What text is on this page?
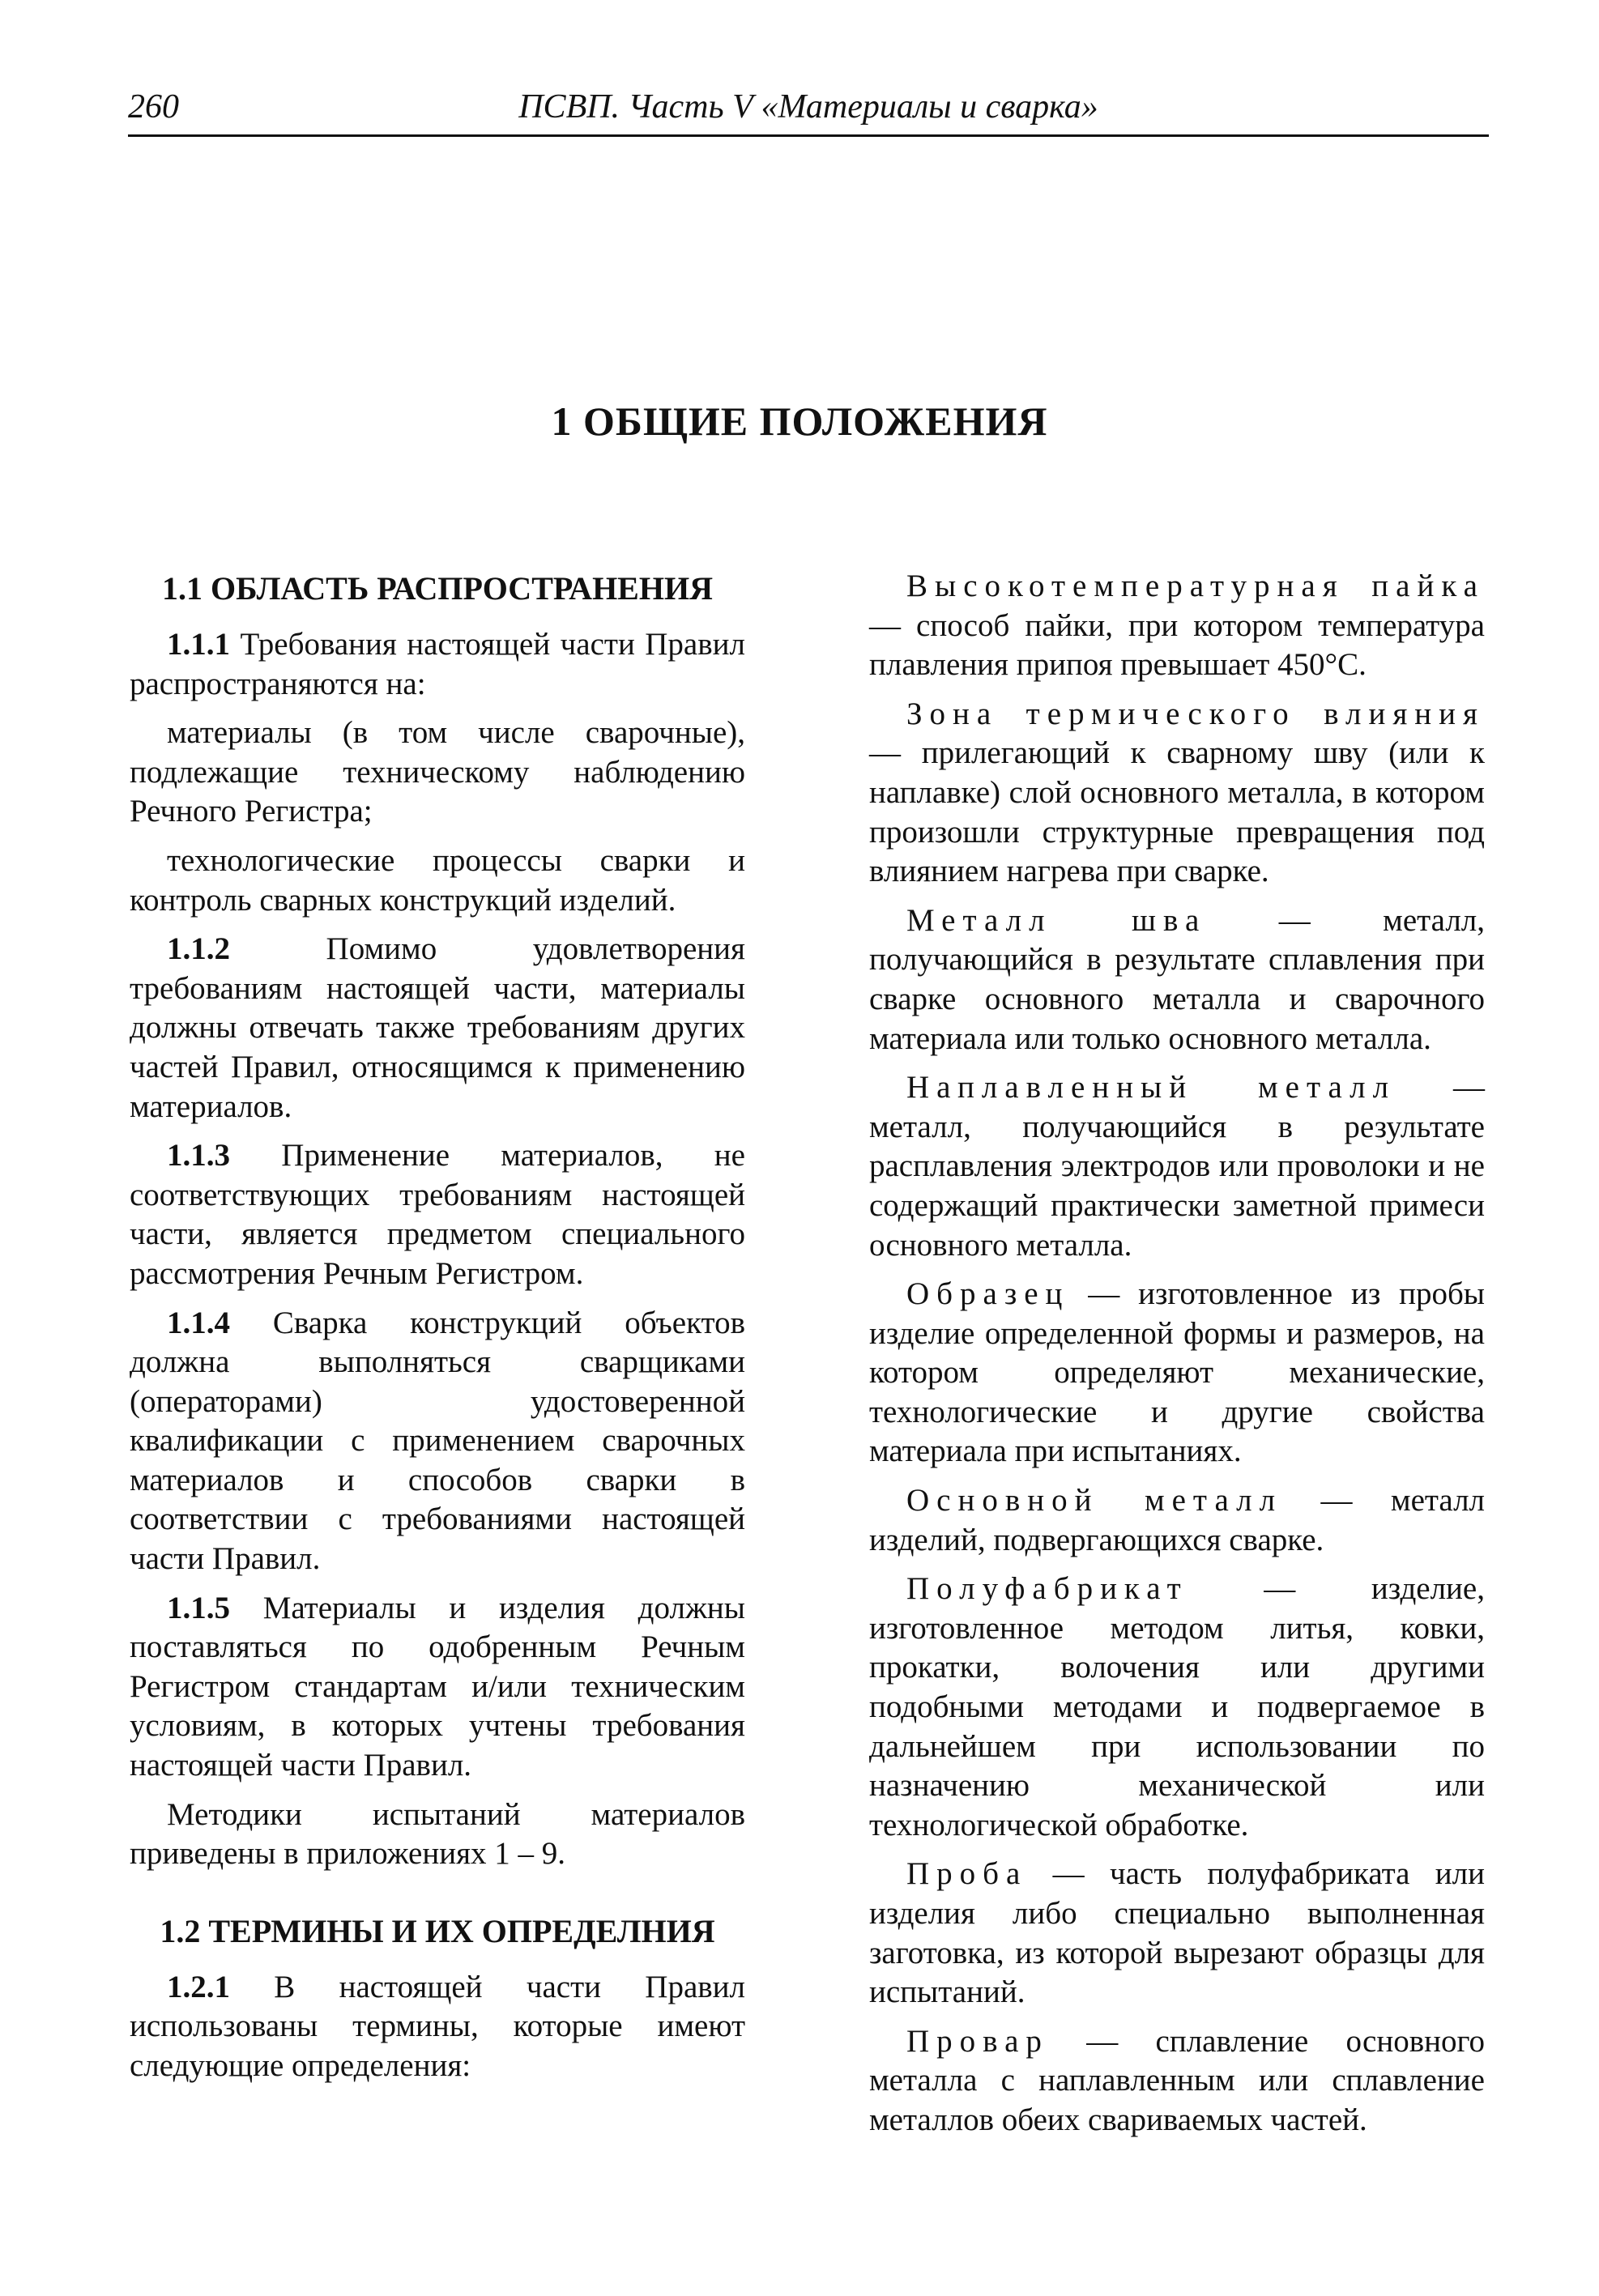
260	ПСВП. Часть V «Материалы и сварка»
1 ОБЩИЕ ПОЛОЖЕНИЯ
1.1 ОБЛАСТЬ РАСПРОСТРАНЕНИЯ

1.1.1 Требования настоящей части Правил распространяются на:

материалы (в том числе сварочные), подлежащие техническому наблюдению Речного Регистра;

технологические процессы сварки и контроль сварных конструкций изделий.

1.1.2 Помимо удовлетворения требованиям настоящей части, материалы должны отвечать также требованиям других частей Правил, относящимся к применению материалов.

1.1.3 Применение материалов, не соответствующих требованиям настоящей части, является предметом специального рассмотрения Речным Регистром.

1.1.4 Сварка конструкций объектов должна выполняться сварщиками (операторами) удостоверенной квалификации с применением сварочных материалов и способов сварки в соответствии с требованиями настоящей части Правил.

1.1.5 Материалы и изделия должны поставляться по одобренным Речным Регистром стандартам и/или техническим условиям, в которых учтены требования настоящей части Правил.

Методики испытаний материалов приведены в приложениях 1 – 9.

1.2 ТЕРМИНЫ И ИХ ОПРЕДЕЛНИЯ

1.2.1 В настоящей части Правил использованы термины, которые имеют следующие определения:

Высокотемпературная пайка — способ пайки, при котором температура плавления припоя превышает 450°С.

Зона термического влияния — прилегающий к сварному шву (или к наплавке) слой основного металла, в котором произошли структурные превращения под влиянием нагрева при сварке.

Металл шва — металл, получающийся в результате сплавления при сварке основного металла и сварочного материала или только основного металла.

Наплавленный металл — металл, получающийся в результате расплавления электродов или проволоки и не содержащий практически заметной примеси основного металла.

Образец — изготовленное из пробы изделие определенной формы и размеров, на котором определяют механические, технологические и другие свойства материала при испытаниях.

Основной металл — металл изделий, подвергающихся сварке.

Полуфабрикат — изделие, изготовленное методом литья, ковки, прокатки, волочения или другими подобными методами и подвергаемое в дальнейшем при использовании по назначению механической или технологической обработке.

Проба — часть полуфабриката или изделия либо специально выполненная заготовка, из которой вырезают образцы для испытаний.

Провар — сплавление основного металла с наплавленным или сплавление металлов обеих свариваемых частей.
